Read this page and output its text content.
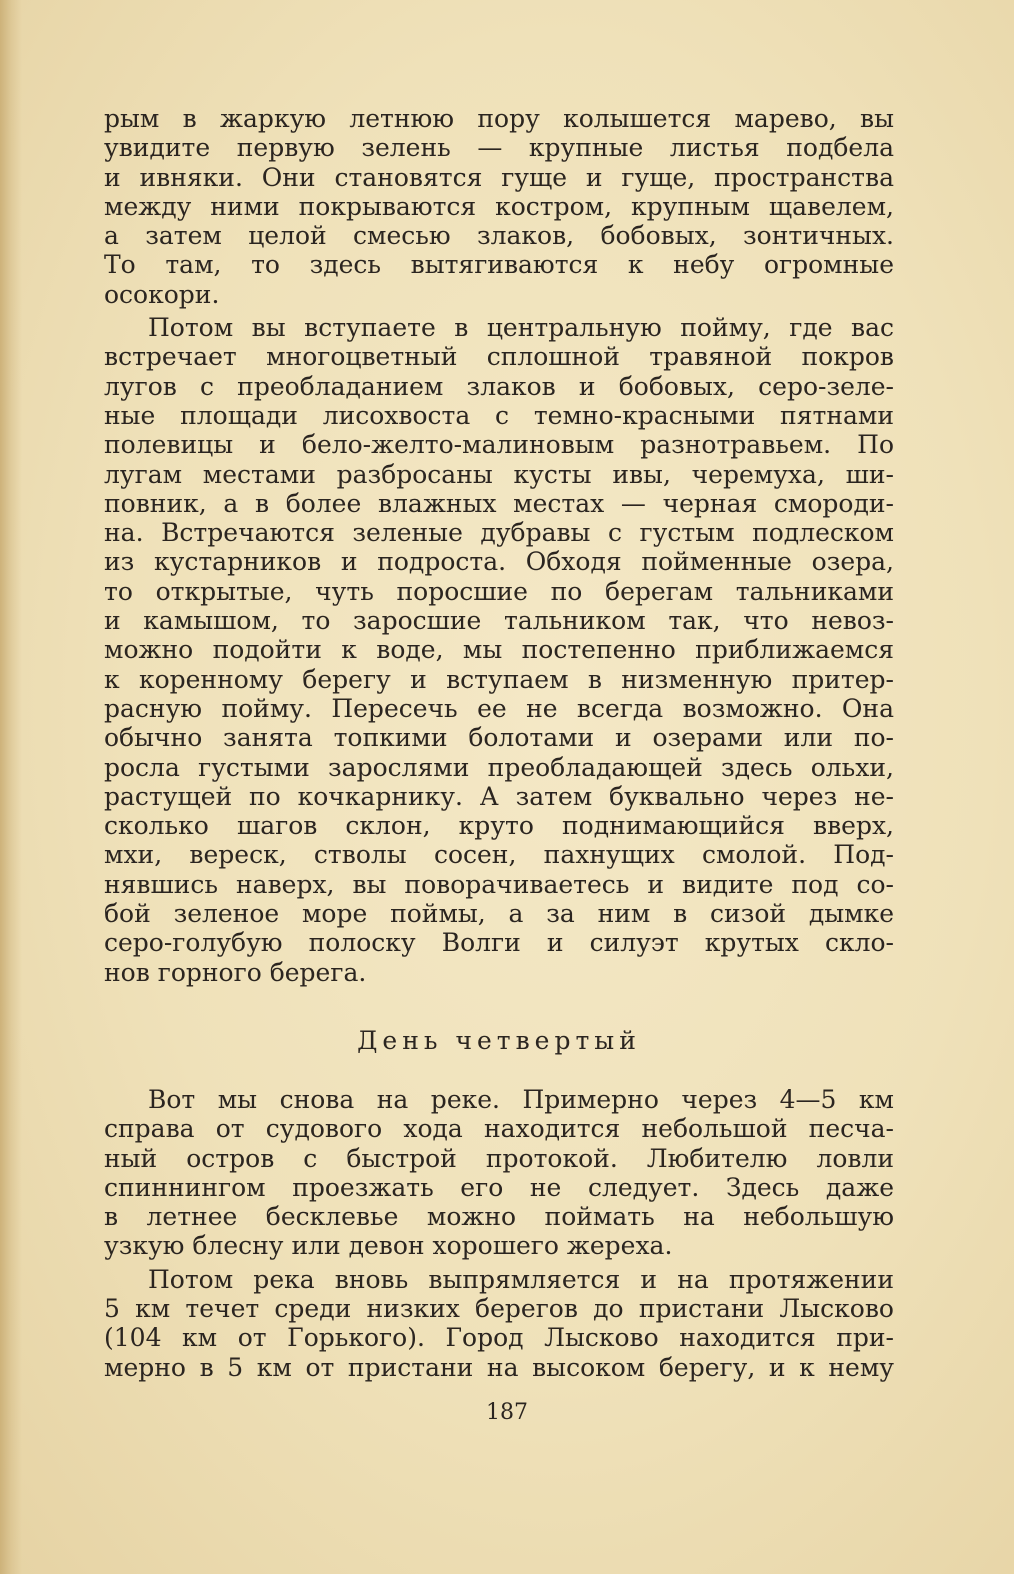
рым в жаркую летнюю пору колышется марево, вы
увидите первую зелень — крупные листья подбела
и ивняки. Они становятся гуще и гуще, пространства
между ними покрываются костром, крупным щавелем,
а затем целой смесью злаков, бобовых, зонтичных.
То там, то здесь вытягиваются к небу огромные
осокори.
Потом вы вступаете в центральную пойму, где вас
встречает многоцветный сплошной травяной покров
лугов с преобладанием злаков и бобовых, серо-зеле-
ные площади лисохвоста с темно-красными пятнами
полевицы и бело-желто-малиновым разнотравьем. По
лугам местами разбросаны кусты ивы, черемуха, ши-
повник, а в более влажных местах — черная смороди-
на. Встречаются зеленые дубравы с густым подлеском
из кустарников и подроста. Обходя пойменные озера,
то открытые, чуть поросшие по берегам тальниками
и камышом, то заросшие тальником так, что невоз-
можно подойти к воде, мы постепенно приближаемся
к коренному берегу и вступаем в низменную притер-
расную пойму. Пересечь ее не всегда возможно. Она
обычно занята топкими болотами и озерами или по-
росла густыми зарослями преобладающей здесь ольхи,
растущей по кочкарнику. А затем буквально через не-
сколько шагов склон, круто поднимающийся вверх,
мхи, вереск, стволы сосен, пахнущих смолой. Под-
нявшись наверх, вы поворачиваетесь и видите под со-
бой зеленое море поймы, а за ним в сизой дымке
серо-голубую полоску Волги и силуэт крутых скло-
нов горного берега.
День четвертый
Вот мы снова на реке. Примерно через 4—5 км
справа от судового хода находится небольшой песча-
ный остров с быстрой протокой. Любителю ловли
спиннингом проезжать его не следует. Здесь даже
в летнее бесклевье можно поймать на небольшую
узкую блесну или девон хорошего жереха.
Потом река вновь выпрямляется и на протяжении
5 км течет среди низких берегов до пристани Лысково
(104 км от Горького). Город Лысково находится при-
мерно в 5 км от пристани на высоком берегу, и к нему
187
